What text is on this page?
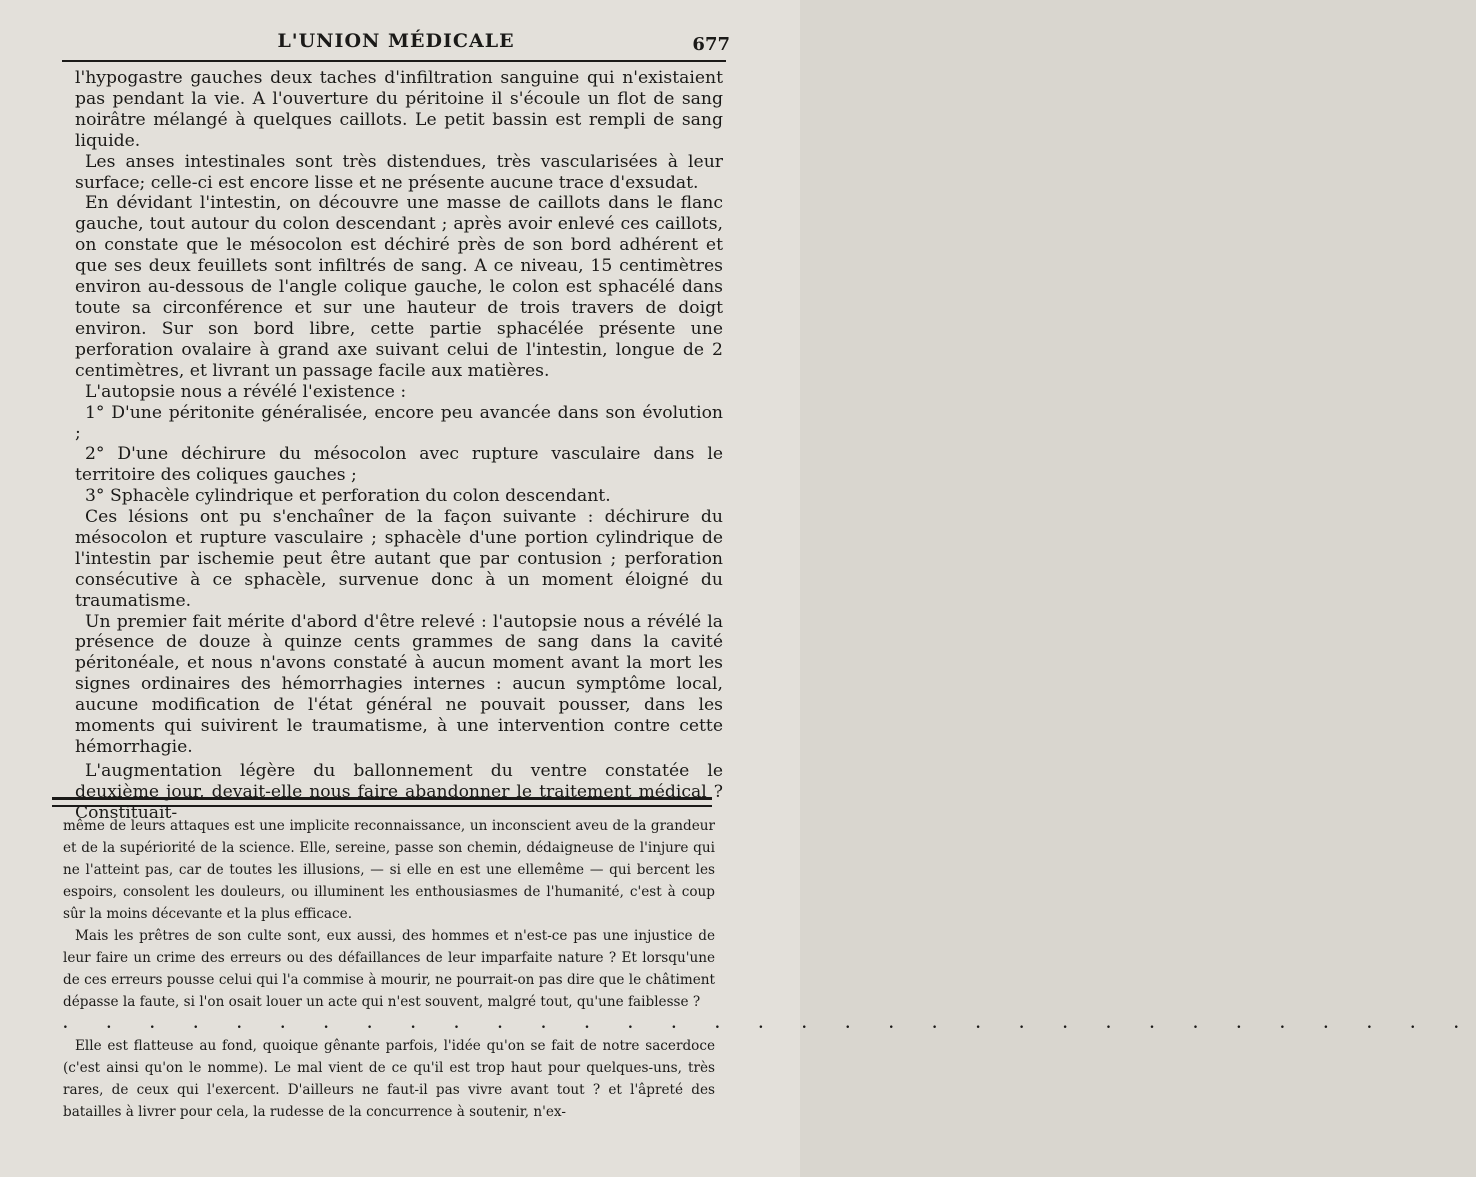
L'UNION MÉDICALE	677

l'hypogastre gauches deux taches d'infiltration sanguine qui n'existaient pas pendant la vie. A l'ouverture du péritoine il s'écoule un flot de sang noirâtre mélangé à quelques caillots. Le petit bassin est rempli de sang liquide.

Les anses intestinales sont très distendues, très vascularisées à leur surface; celle-ci est encore lisse et ne présente aucune trace d'exsudat.

En dévidant l'intestin, on découvre une masse de caillots dans le flanc gauche, tout autour du colon descendant ; après avoir enlevé ces caillots, on constate que le mésocolon est déchiré près de son bord adhérent et que ses deux feuillets sont infiltrés de sang. A ce niveau, 15 centimètres environ au-dessous de l'angle colique gauche, le colon est sphacélé dans toute sa circonférence et sur une hauteur de trois travers de doigt environ. Sur son bord libre, cette partie sphacélée présente une perforation ovalaire à grand axe suivant celui de l'intestin, longue de 2 centimètres, et livrant un passage facile aux matières.

L'autopsie nous a révélé l'existence :

1° D'une péritonite généralisée, encore peu avancée dans son évolution ;

2° D'une déchirure du mésocolon avec rupture vasculaire dans le territoire des coliques gauches ;

3° Sphacèle cylindrique et perforation du colon descendant.

Ces lésions ont pu s'enchaîner de la façon suivante : déchirure du mésocolon et rupture vasculaire ; sphacèle d'une portion cylindrique de l'intestin par ischemie peut être autant que par contusion ; perforation consécutive à ce sphacèle, survenue donc à un moment éloigné du traumatisme.

Un premier fait mérite d'abord d'être relevé : l'autopsie nous a révélé la présence de douze à quinze cents grammes de sang dans la cavité péritonéale, et nous n'avons constaté à aucun moment avant la mort les signes ordinaires des hémorrhagies internes : aucun symptôme local, aucune modification de l'état général ne pouvait pousser, dans les moments qui suivirent le traumatisme, à une intervention contre cette hémorrhagie.

L'augmentation légère du ballonnement du ventre constatée le deuxième jour, devait-elle nous faire abandonner le traitement médical ? Constituait-

même de leurs attaques est une implicite reconnaissance, un inconscient aveu de la grandeur et de la supériorité de la science. Elle, sereine, passe son chemin, dédaigneuse de l'injure qui ne l'atteint pas, car de toutes les illusions, — si elle en est une ellemême — qui bercent les espoirs, consolent les douleurs, ou illuminent les enthousiasmes de l'humanité, c'est à coup sûr la moins décevante et la plus efficace.

Mais les prêtres de son culte sont, eux aussi, des hommes et n'est-ce pas une injustice de leur faire un crime des erreurs ou des défaillances de leur imparfaite nature ? Et lorsqu'une de ces erreurs pousse celui qui l'a commise à mourir, ne pourrait-on pas dire que le châtiment dépasse la faute, si l'on osait louer un acte qui n'est souvent, malgré tout, qu'une faiblesse ?

. . . . . . . . . . . . . . . . . . . . . . . . . . . . . . . . .

Elle est flatteuse au fond, quoique gênante parfois, l'idée qu'on se fait de notre sacerdoce (c'est ainsi qu'on le nomme). Le mal vient de ce qu'il est trop haut pour quelques-uns, très rares, de ceux qui l'exercent. D'ailleurs ne faut-il pas vivre avant tout ? et l'âpreté des batailles à livrer pour cela, la rudesse de la concurrence à soutenir, n'ex-
